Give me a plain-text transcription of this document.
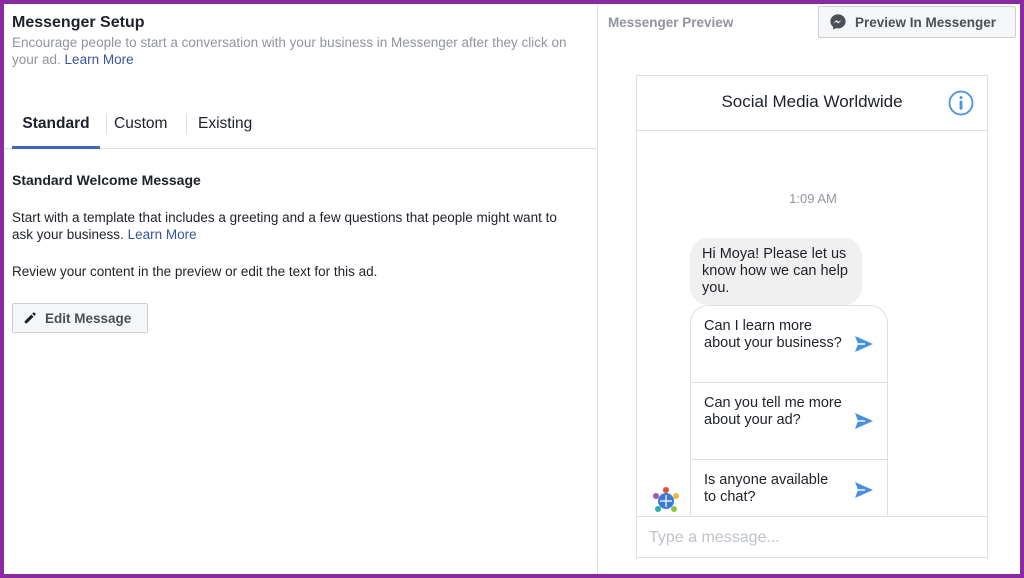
Messenger Setup
Encourage people to start a conversation with your business in Messenger after they click on your ad. Learn More
Standard	Custom Existing
Standard Welcome Message
Start with a template that includes a greeting and a few questions that people might want to ask your business. Learn More
Review your content in the preview or edit the text for this ad.
Edit Message
Messenger Preview	Preview In Messenger
Social Media Worldwide
1:09 AM
Hi Moya! Please let us know how we can help you.
Can I learn more about your business?
Can you tell me more about your ad?
Is anyone available to chat?
Type a message...
